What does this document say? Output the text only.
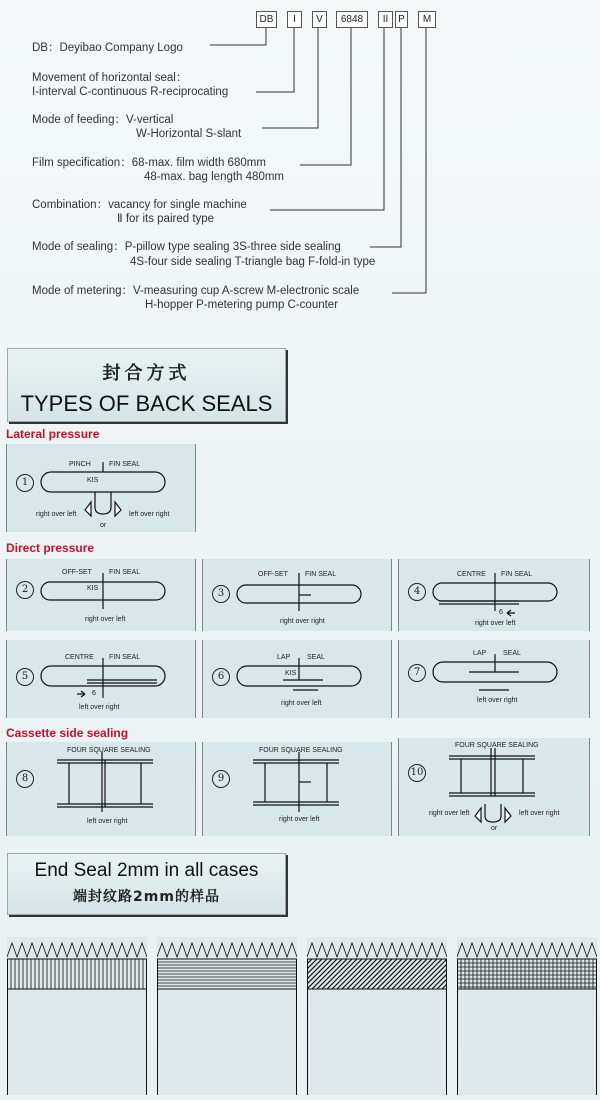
DB	I	V	6848	II P	M
DB：Deyibao Company Logo
Movement of horizontal seal：
I-interval C-continuous R-reciprocating
Mode of feeding：V-vertical
W-Horizontal S-slant
Film specification：68-max. film width 680mm
48-max. bag length 480mm
Combination：vacancy for single machine
Ⅱ for its paired type
Mode of sealing：P-pillow type sealing 3S-three side sealing
4S-four side sealing T-triangle bag F-fold-in type
Mode of metering：V-measuring cup A-screw M-electronic scale
H-hopper P-metering pump C-counter
封合方式
TYPES OF BACK SEALS
Lateral pressure
Direct pressure
Cassette side sealing
1
PINCH	FIN SEAL
KIS
right over left	left over right
or
2
OFF-SET FIN SEAL
KIS
right over left
3
OFF-SET FIN SEAL
right over right
4
CENTRE FIN SEAL
6
right over left
5
CENTRE FIN SEAL
6
left over right
6
LAP SEAL
KIS
right over left
7
LAP SEAL
left over right
8
FOUR SQUARE SEALING
left over right
9
FOUR SQUARE SEALING
right over left
10
FOUR SQUARE SEALING
right over left	left over right
or
End Seal 2mm in all cases
端封纹路2mm的样品
